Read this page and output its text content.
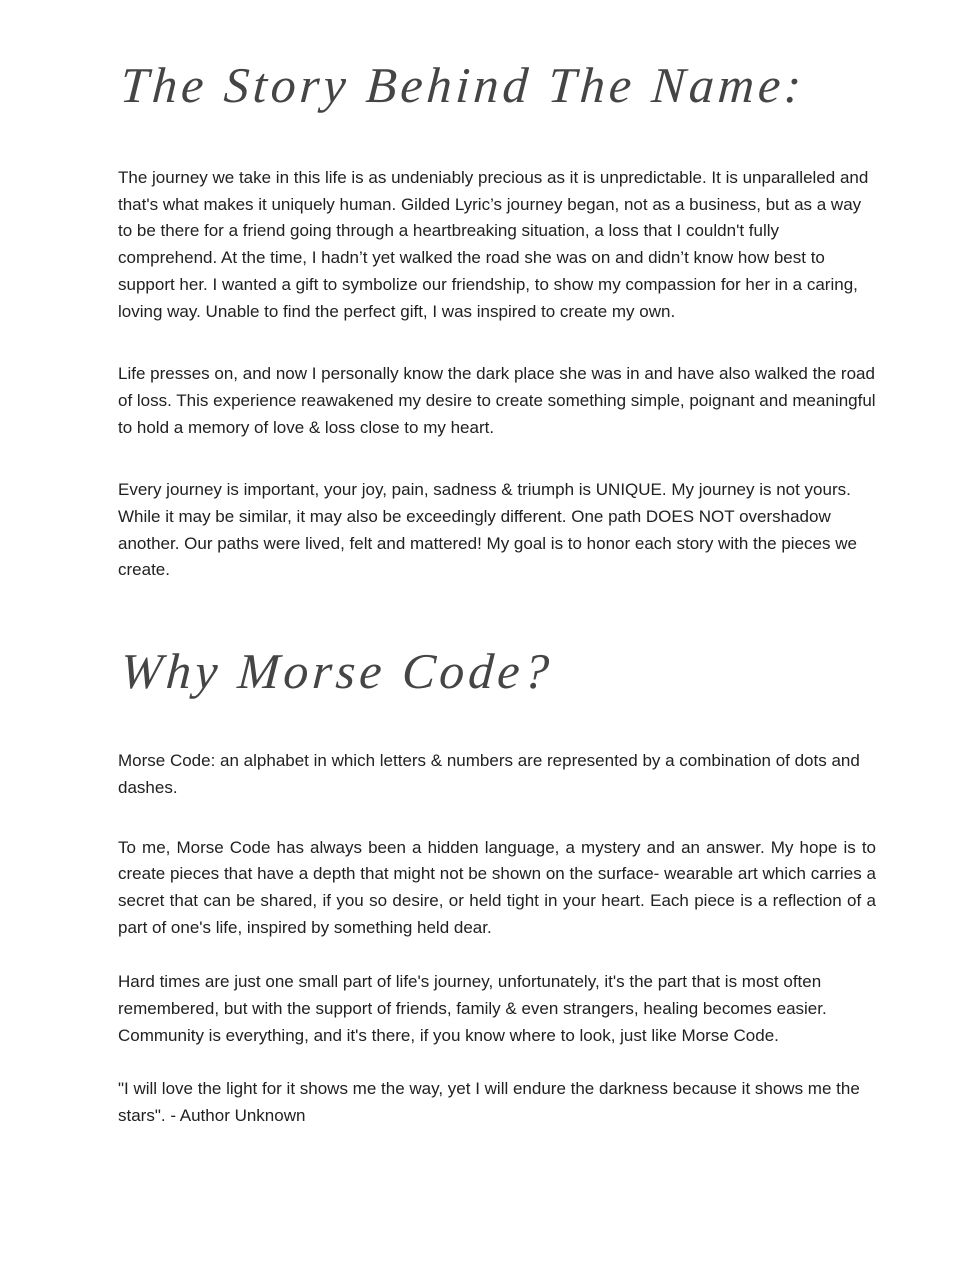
The Story Behind The Name:

The journey we take in this life is as undeniably precious as it is unpredictable. It is unparalleled and that's what makes it uniquely human. Gilded Lyric’s journey began, not as a business, but as a way to be there for a friend going through a heartbreaking situation, a loss that I couldn't fully comprehend. At the time, I hadn’t yet walked the road she was on and didn’t know how best to support her. I wanted a gift to symbolize our friendship, to show my compassion for her in a caring, loving way. Unable to find the perfect gift, I was inspired to create my own.

Life presses on, and now I personally know the dark place she was in and have also walked the road of loss. This experience reawakened my desire to create something simple, poignant and meaningful to hold a memory of love & loss close to my heart.

Every journey is important, your joy, pain, sadness & triumph is UNIQUE. My journey is not yours. While it may be similar, it may also be exceedingly different. One path DOES NOT overshadow another. Our paths were lived, felt and mattered! My goal is to honor each story with the pieces we create.

Why Morse Code?

Morse Code: an alphabet in which letters & numbers are represented by a combination of dots and dashes.

To me, Morse Code has always been a hidden language, a mystery and an answer. My hope is to create pieces that have a depth that might not be shown on the surface- wearable art which carries a secret that can be shared, if you so desire, or held tight in your heart. Each piece is a reflection of a part of one's life, inspired by something held dear.

Hard times are just one small part of life's journey, unfortunately, it's the part that is most often remembered, but with the support of friends, family & even strangers, healing becomes easier. Community is everything, and it's there, if you know where to look, just like Morse Code.

"I will love the light for it shows me the way, yet I will endure the darkness because it shows me the stars". - Author Unknown
